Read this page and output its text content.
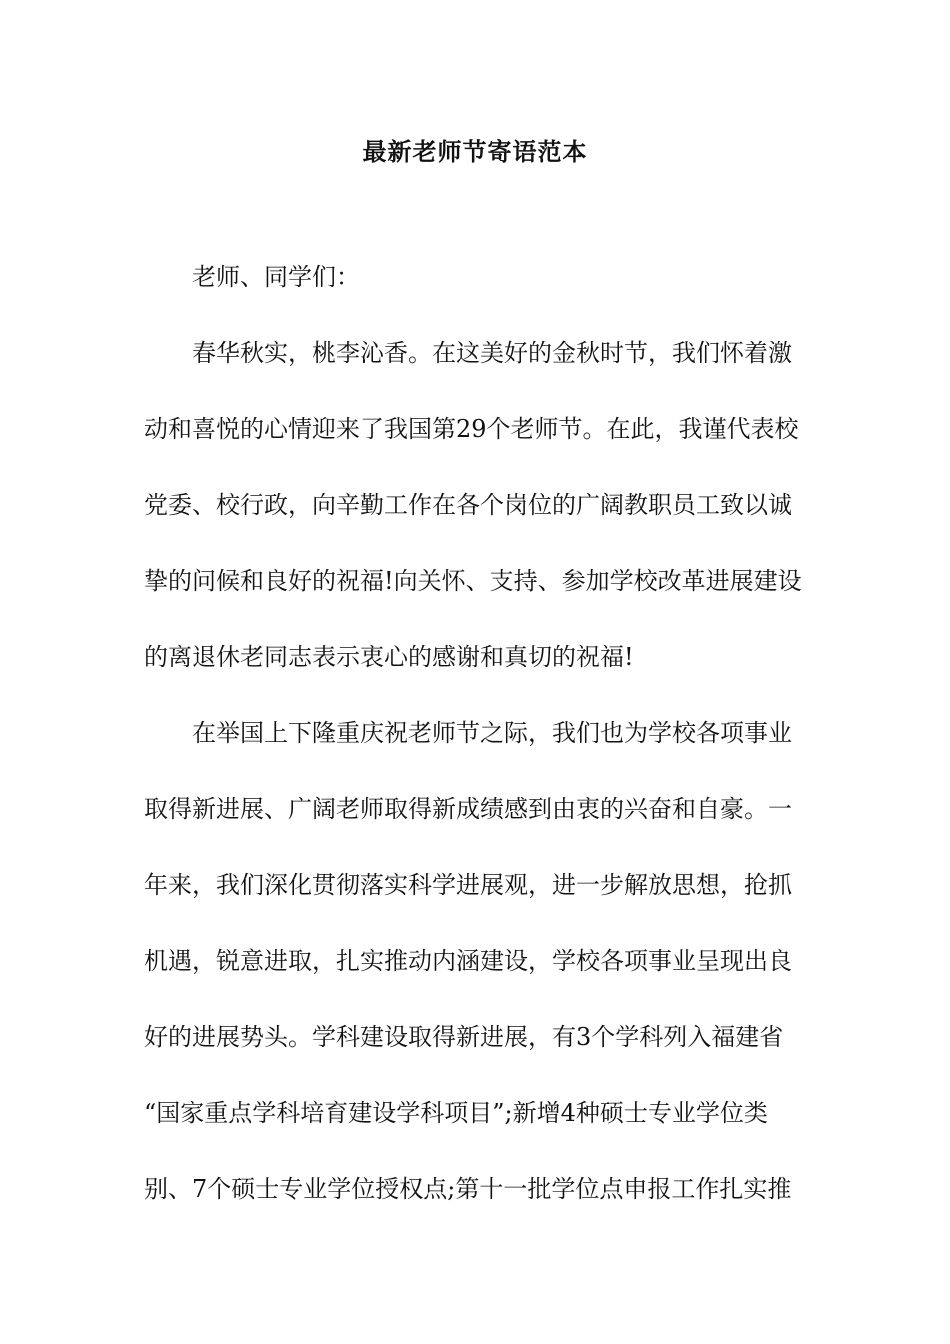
最新老师节寄语范本
老师、同学们：
春华秋实，桃李沁香。在这美好的金秋时节，我们怀着激
动和喜悦的心情迎来了我国第29个老师节。在此，我谨代表校
党委、校行政，向辛勤工作在各个岗位的广阔教职员工致以诚
挚的问候和良好的祝福!向关怀、支持、参加学校改革进展建设
的离退休老同志表示衷心的感谢和真切的祝福!
在举国上下隆重庆祝老师节之际，我们也为学校各项事业
取得新进展、广阔老师取得新成绩感到由衷的兴奋和自豪。一
年来，我们深化贯彻落实科学进展观，进一步解放思想，抢抓
机遇，锐意进取，扎实推动内涵建设，学校各项事业呈现出良
好的进展势头。学科建设取得新进展，有3个学科列入福建省
“国家重点学科培育建设学科项目”;新增4种硕士专业学位类
别、7个硕士专业学位授权点;第十一批学位点申报工作扎实推
